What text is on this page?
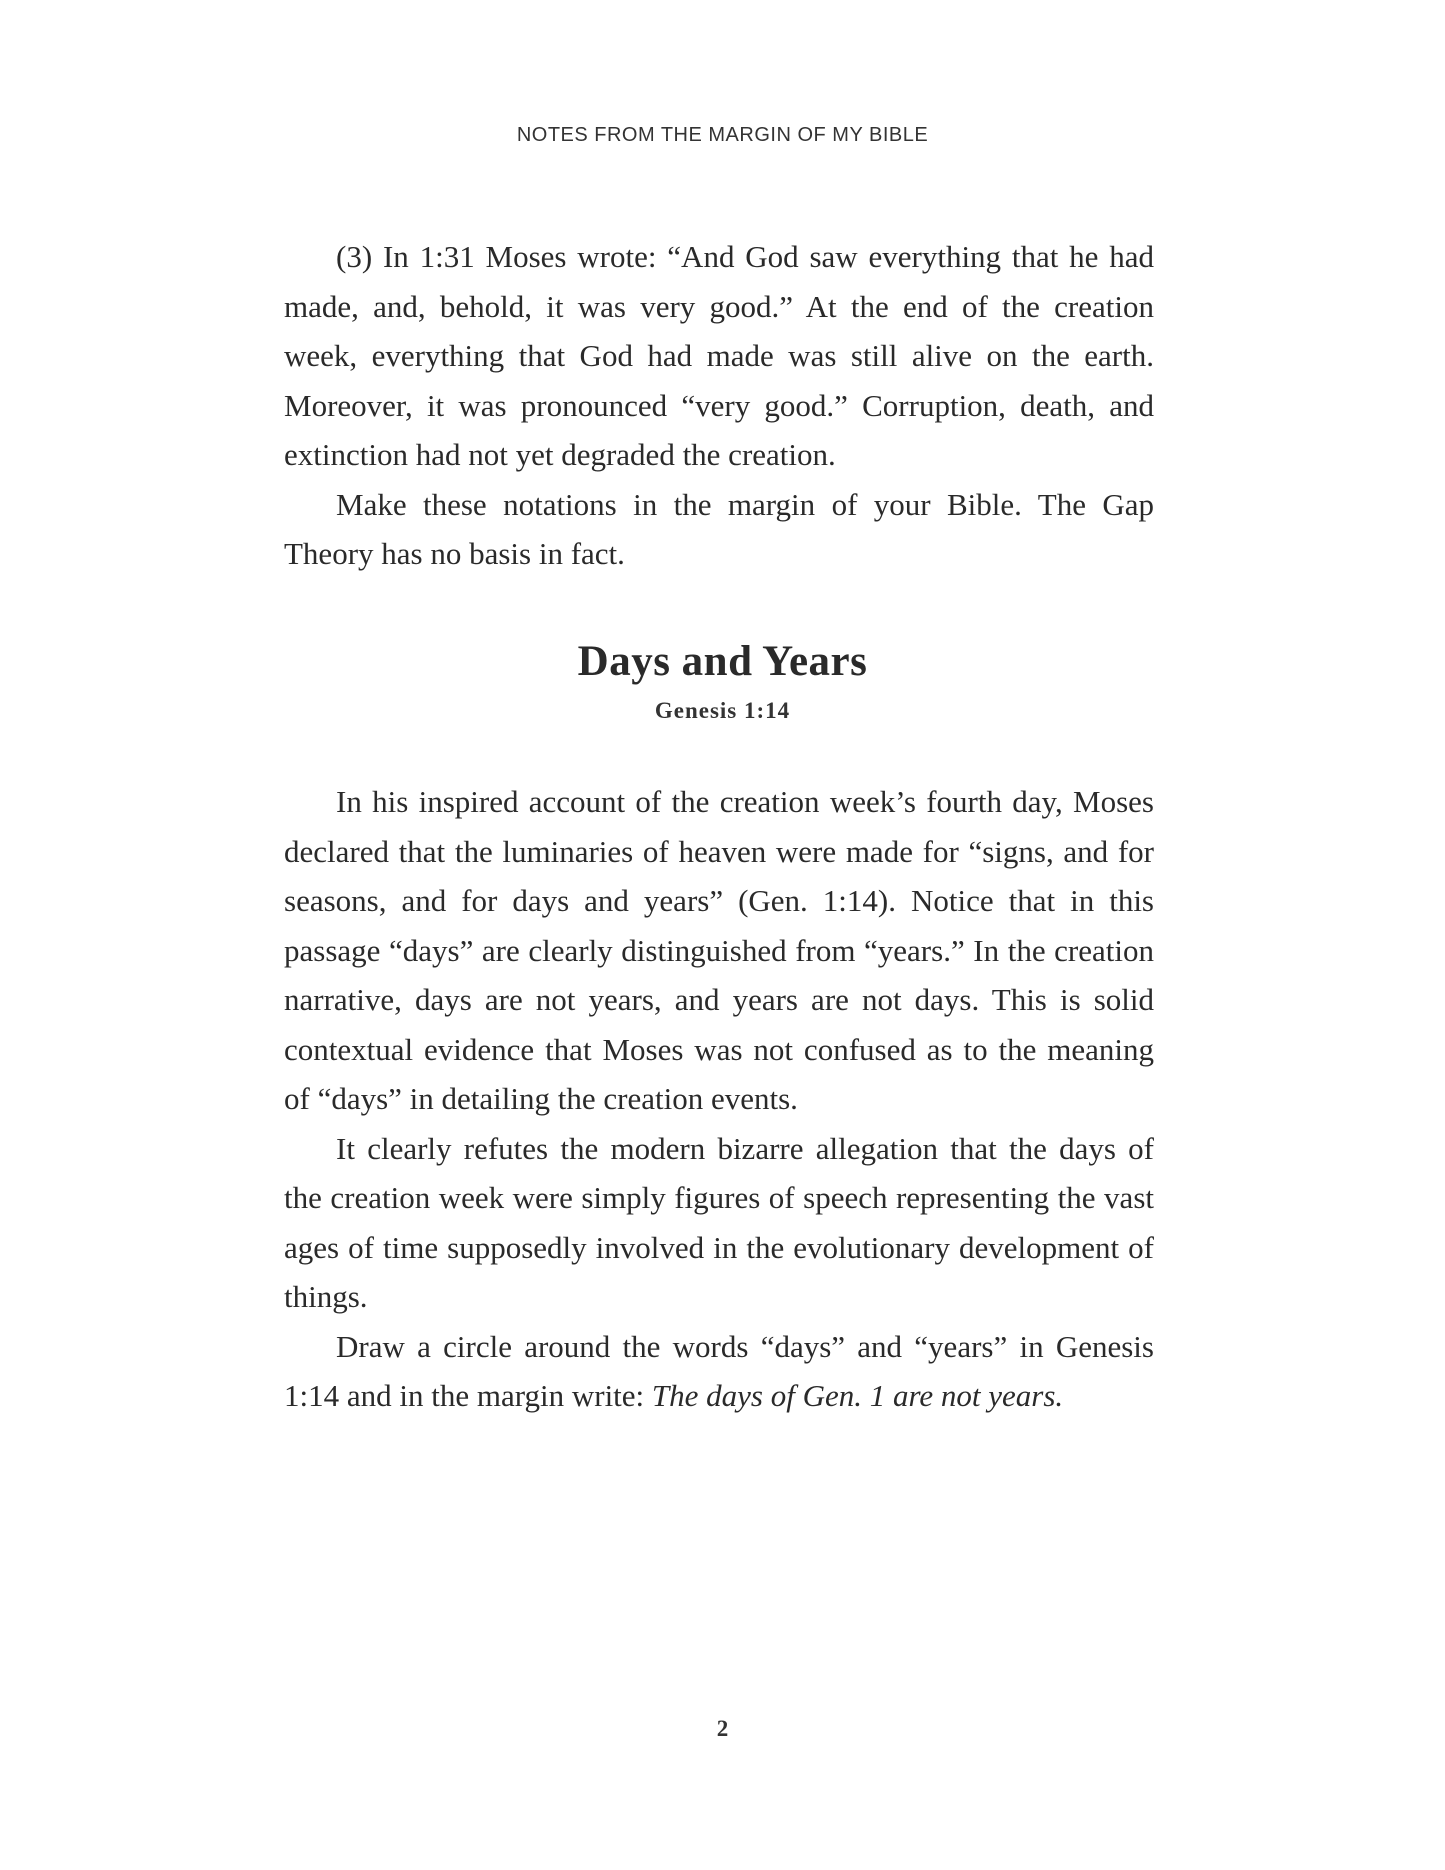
NOTES FROM THE MARGIN OF MY BIBLE

(3) In 1:31 Moses wrote: “And God saw everything that he had made, and, behold, it was very good.” At the end of the creation week, everything that God had made was still alive on the earth. Moreover, it was pronounced “very good.” Corruption, death, and extinction had not yet degraded the creation.

Make these notations in the margin of your Bible. The Gap Theory has no basis in fact.

Days and Years
Genesis 1:14

In his inspired account of the creation week’s fourth day, Moses declared that the luminaries of heaven were made for “signs, and for seasons, and for days and years” (Gen. 1:14). Notice that in this passage “days” are clearly distinguished from “years.” In the creation narrative, days are not years, and years are not days. This is solid contextual evidence that Moses was not confused as to the meaning of “days” in detailing the creation events.

It clearly refutes the modern bizarre allegation that the days of the creation week were simply figures of speech representing the vast ages of time supposedly involved in the evolutionary development of things.

Draw a circle around the words “days” and “years” in Genesis 1:14 and in the margin write: The days of Gen. 1 are not years.

2
